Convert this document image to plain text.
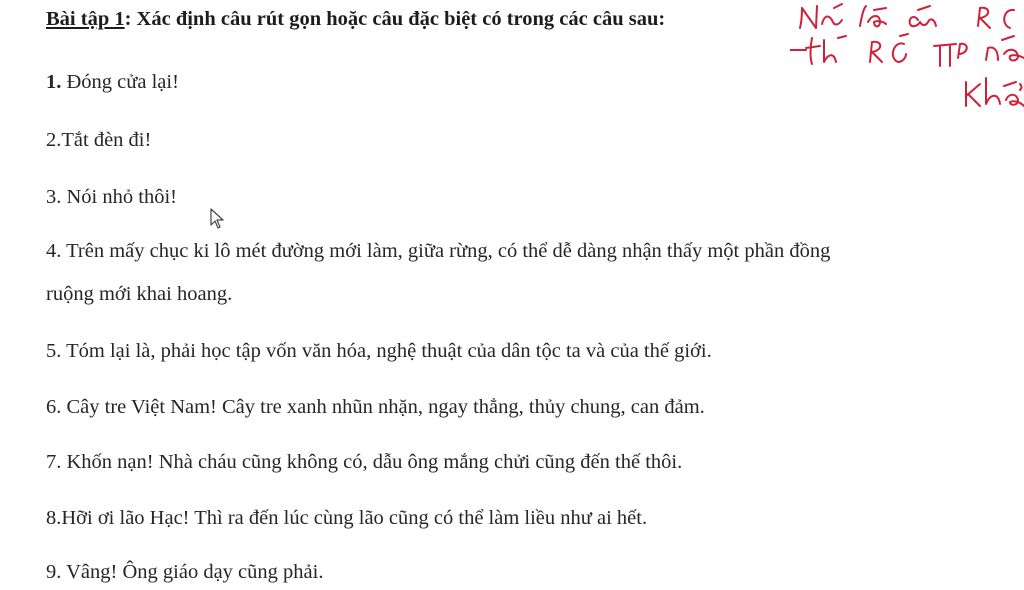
Bài tập 1: Xác định câu rút gọn hoặc câu đặc biệt có trong các câu sau:
1. Đóng cửa lại!
2.Tắt đèn đi!
3. Nói nhỏ thôi!
4. Trên mấy chục ki lô mét đường mới làm, giữa rừng, có thể dễ dàng nhận thấy một phần đồng
ruộng mới khai hoang.
5. Tóm lại là, phải học tập vốn văn hóa, nghệ thuật của dân tộc ta và của thế giới.
6. Cây tre Việt Nam! Cây tre xanh nhũn nhặn, ngay thẳng, thủy chung, can đảm.
7. Khốn nạn! Nhà cháu cũng không có, dẫu ông mắng chửi cũng đến thế thôi.
8.Hỡi ơi lão Hạc! Thì ra đến lúc cùng lão cũng có thể làm liều như ai hết.
9. Vâng! Ông giáo dạy cũng phải.
